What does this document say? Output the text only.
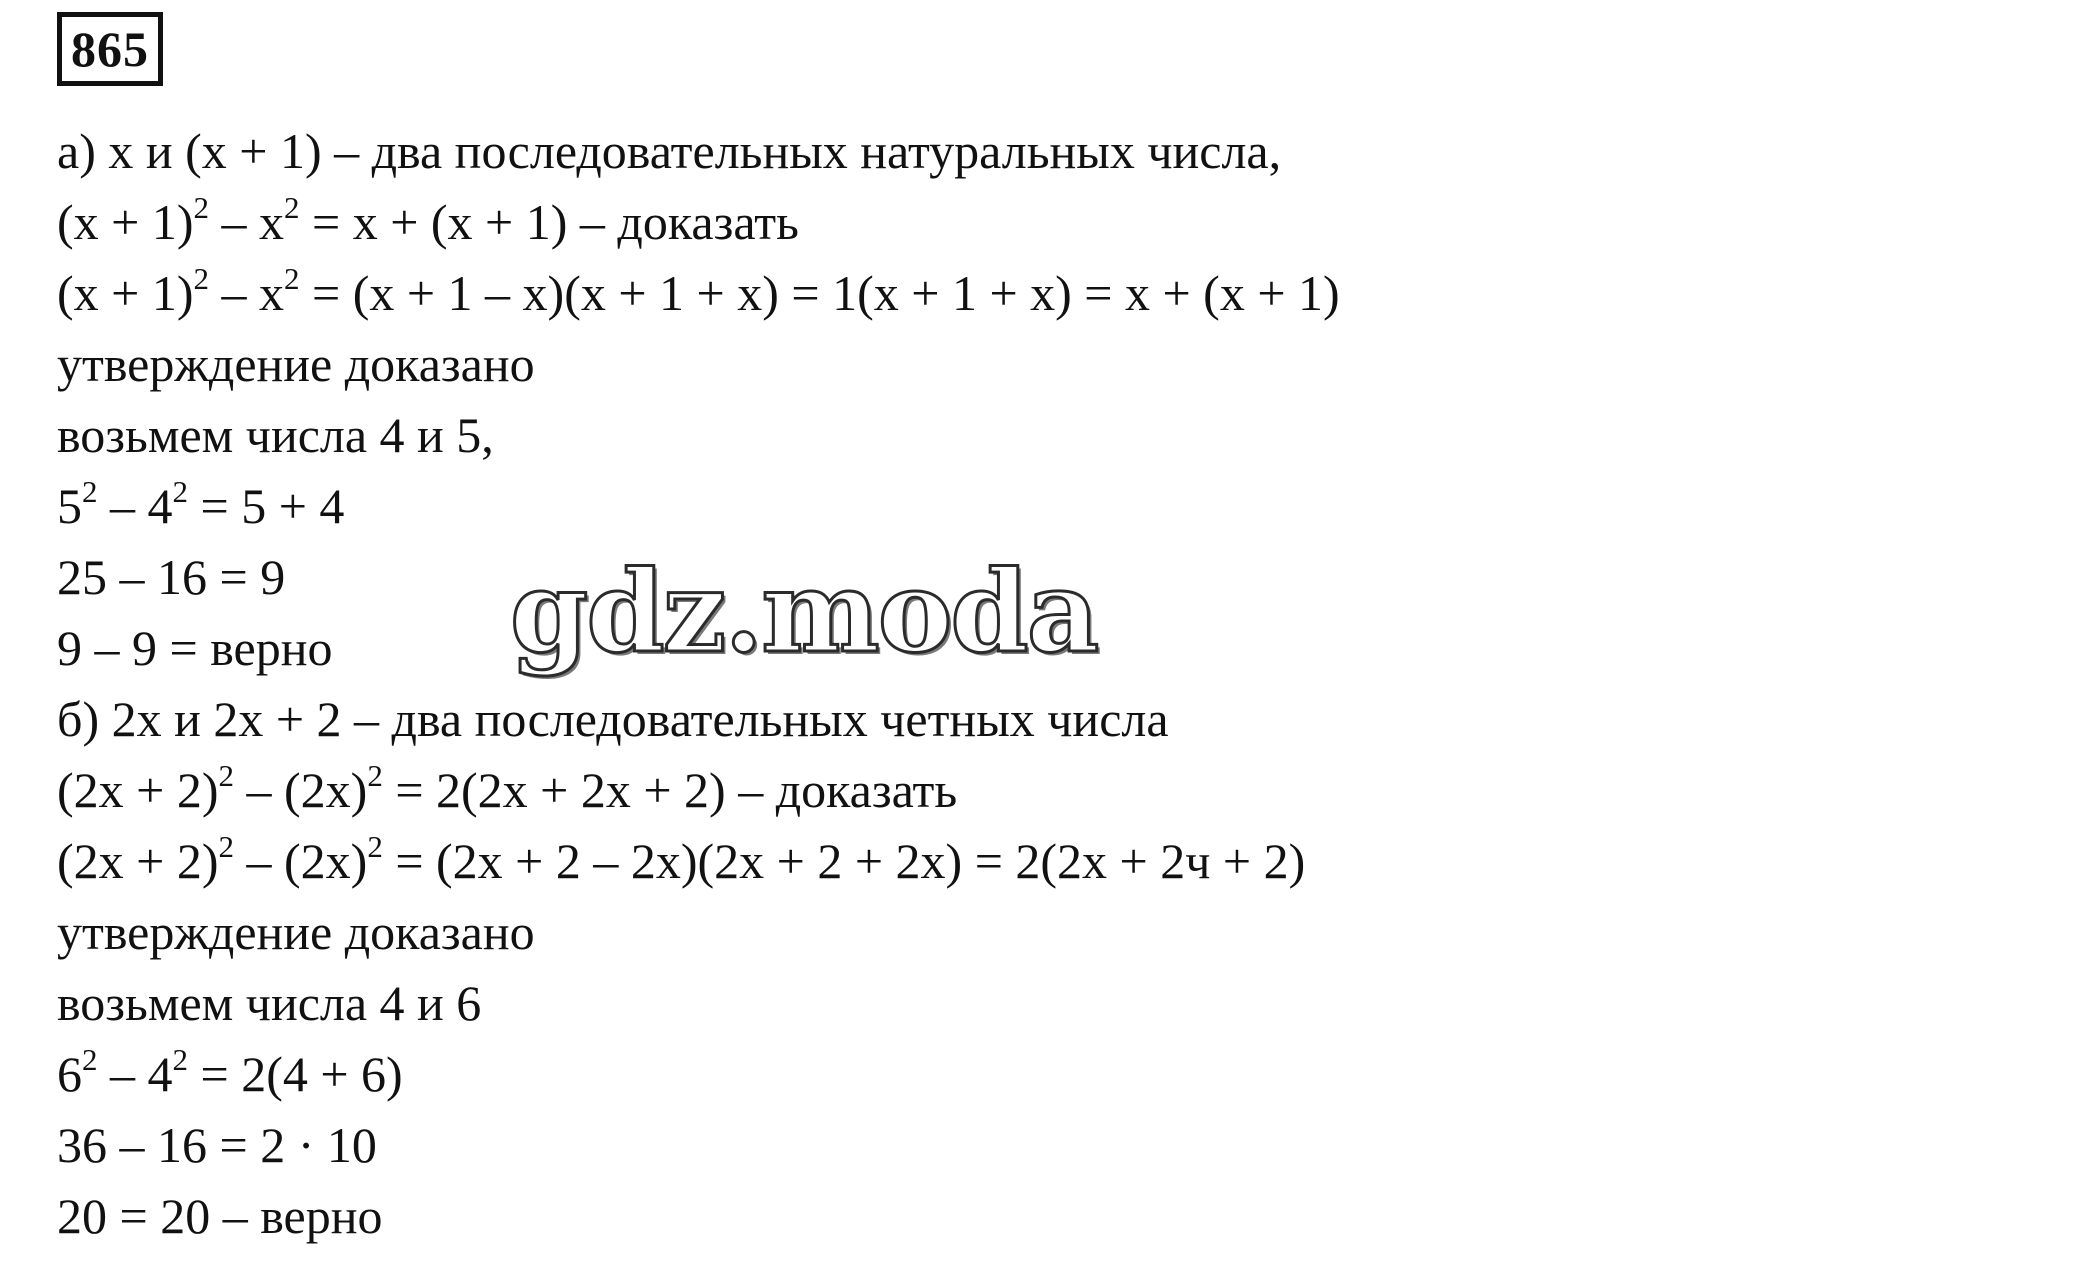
865
а) x и (x + 1) – два последовательных натуральных числа,
$(x + 1)^2 - x^2 = x + (x + 1)$ – доказать
$(x + 1)^2 - x^2 = (x + 1 - x)(x + 1 + x) = 1(x + 1 + x) = x + (x + 1)$
утверждение доказано
возьмем числа 4 и 5,
$5^2 - 4^2 = 5 + 4$
25 – 16 = 9
9 – 9 = верно
б) 2x и 2x + 2 – два последовательных четных числа
$(2x + 2)^2 - (2x)^2 = 2(2x + 2x + 2)$ – доказать
$(2x + 2)^2 - (2x)^2 = (2x + 2 - 2x)(2x + 2 + 2x) = 2(2x + 2ч + 2)$
утверждение доказано
возьмем числа 4 и 6
$6^2 - 4^2 = 2(4 + 6)$
36 – 16 = 2 · 10
20 = 20 – верно
gdz.moda
